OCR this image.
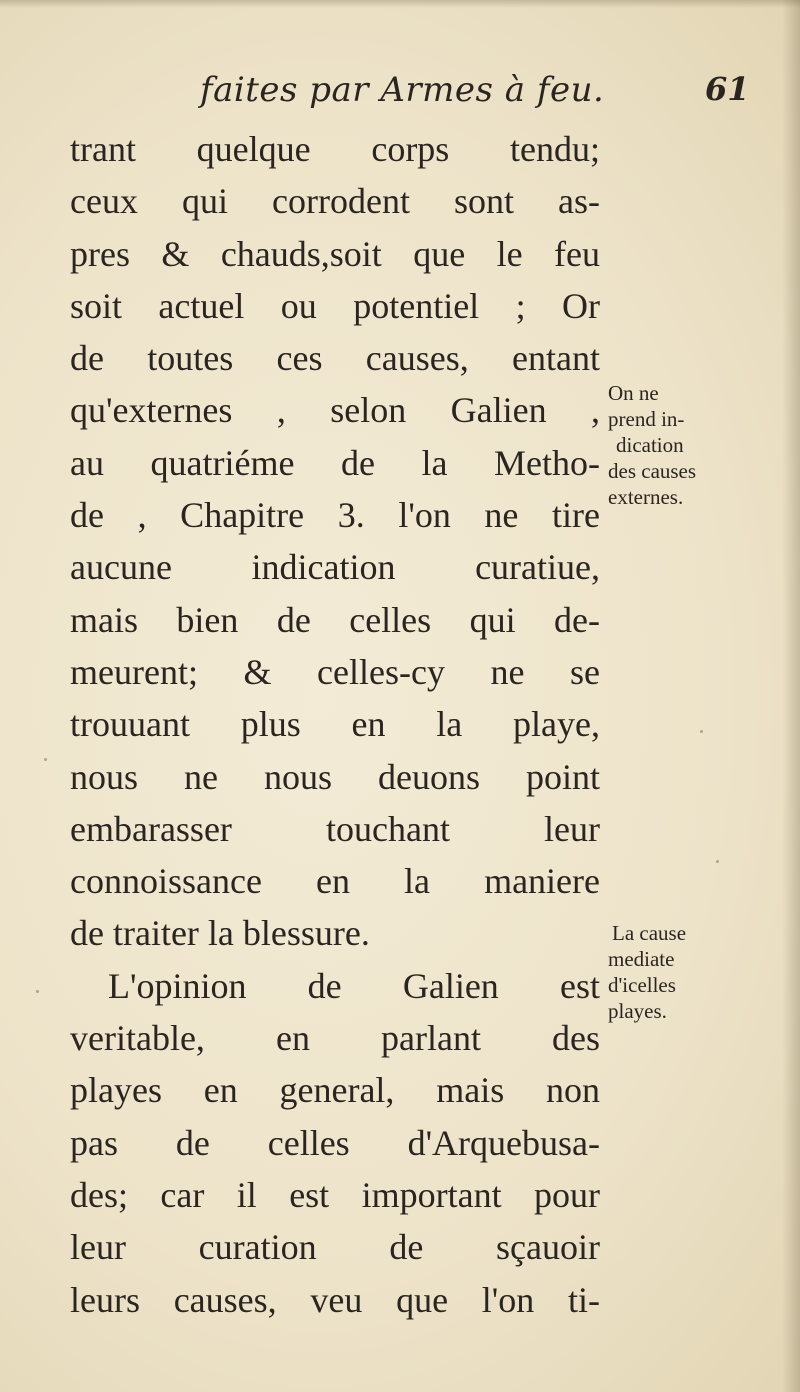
faites par Armes à feu.	61
trant quelque corps tendu;
ceux qui corrodent sont as-
pres & chauds,soit que le feu
soit actuel ou potentiel ; Or
de toutes ces causes, entant
qu'externes , selon Galien ,
au quatriéme de la Metho-
de , Chapitre 3. l'on ne tire
aucune indication curatiue,
mais bien de celles qui de-
meurent; & celles-cy ne se
trouuant plus en la playe,
nous ne nous deuons point
embarasser touchant leur
connoissance en la maniere
de traiter la blessure.
L'opinion de Galien est
veritable, en parlant des
playes en general, mais non
pas de celles d'Arquebusa-
des; car il est important pour
leur curation de sçauoir
leurs causes, veu que l'on ti-
On ne
prend in-
dication
des causes
externes.
La cause
mediate
d'icelles
playes.
